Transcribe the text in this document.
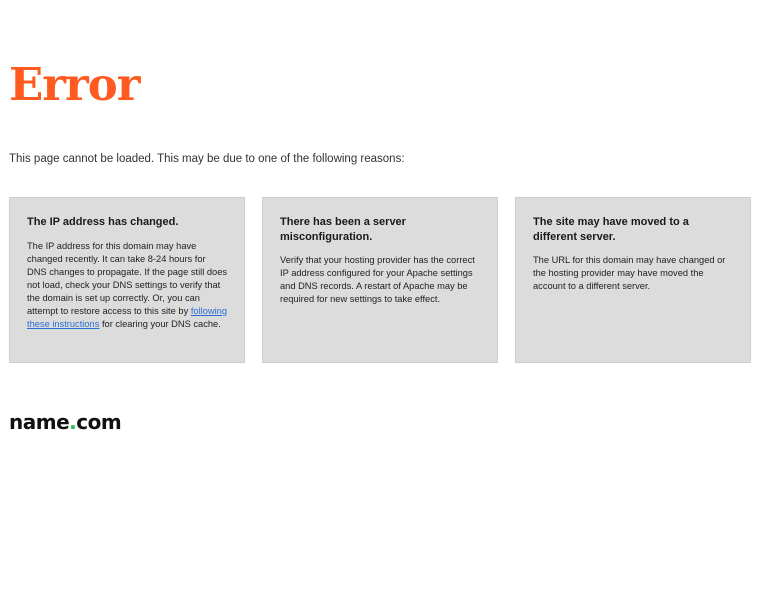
Error

This page cannot be loaded. This may be due to one of the following reasons:

The IP address has changed.

The IP address for this domain may have changed recently. It can take 8-24 hours for DNS changes to propagate. If the page still does not load, check your DNS settings to verify that the domain is set up correctly. Or, you can attempt to restore access to this site by following these instructions for clearing your DNS cache.

There has been a server misconfiguration.

Verify that your hosting provider has the correct IP address configured for your Apache settings and DNS records. A restart of Apache may be required for new settings to take effect.

The site may have moved to a different server.

The URL for this domain may have changed or the hosting provider may have moved the account to a different server.

name.com
